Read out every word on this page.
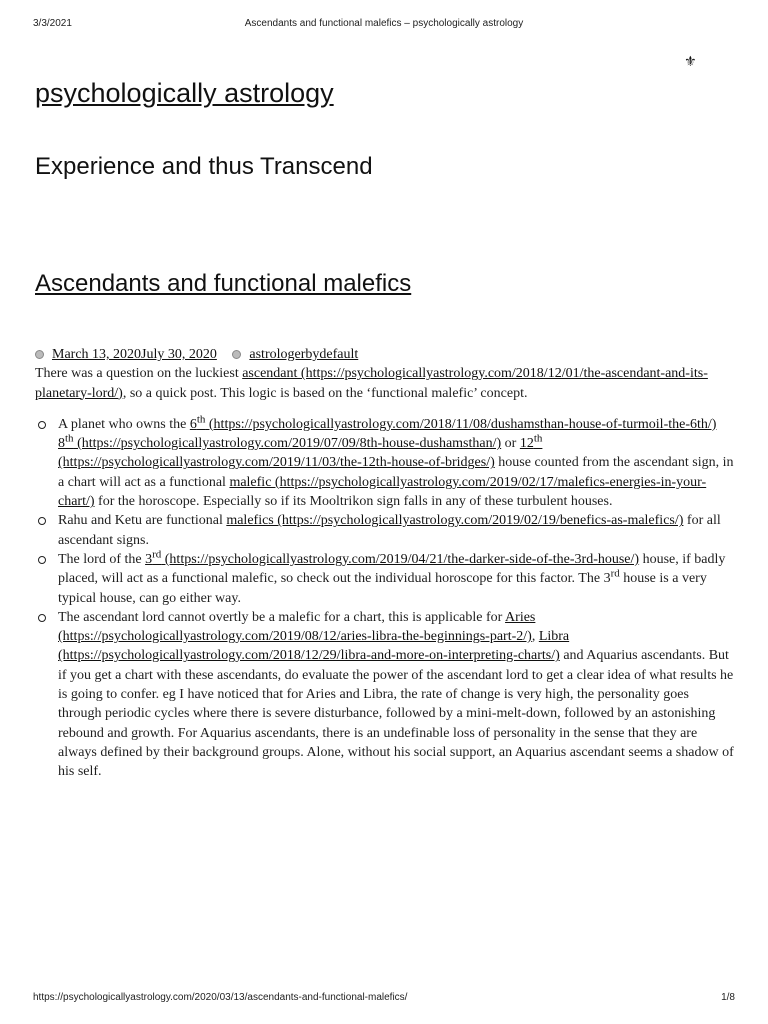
3/3/2021	Ascendants and functional malefics – psychologically astrology
⚜
psychologically astrology
Experience and thus Transcend
Ascendants and functional malefics

March 13, 2020July 30, 2020 astrologerbydefault

There was a question on the luckiest ascendant (https://psychologicallyastrology.com/2018/12/01/the-ascendant-and-its-planetary-lord/), so a quick post. This logic is based on the ‘functional malefic’ concept.

A planet who owns the 6th (https://psychologicallyastrology.com/2018/11/08/dushamsthan-house-of-turmoil-the-6th/) 8th (https://psychologicallyastrology.com/2019/07/09/8th-house-dushamsthan/) or 12th (https://psychologicallyastrology.com/2019/11/03/the-12th-house-of-bridges/) house counted from the ascendant sign, in a chart will act as a functional malefic (https://psychologicallyastrology.com/2019/02/17/malefics-energies-in-your-chart/) for the horoscope. Especially so if its Mooltrikon sign falls in any of these turbulent houses.
Rahu and Ketu are functional malefics (https://psychologicallyastrology.com/2019/02/19/benefics-as-malefics/) for all ascendant signs.
The lord of the 3rd (https://psychologicallyastrology.com/2019/04/21/the-darker-side-of-the-3rd-house/) house, if badly placed, will act as a functional malefic, so check out the individual horoscope for this factor. The 3rd house is a very typical house, can go either way.
The ascendant lord cannot overtly be a malefic for a chart, this is applicable for Aries (https://psychologicallyastrology.com/2019/08/12/aries-libra-the-beginnings-part-2/), Libra (https://psychologicallyastrology.com/2018/12/29/libra-and-more-on-interpreting-charts/) and Aquarius ascendants. But if you get a chart with these ascendants, do evaluate the power of the ascendant lord to get a clear idea of what results he is going to confer. eg I have noticed that for Aries and Libra, the rate of change is very high, the personality goes through periodic cycles where there is severe disturbance, followed by a mini-melt-down, followed by an astonishing rebound and growth. For Aquarius ascendants, there is an undefinable loss of personality in the sense that they are always defined by their background groups. Alone, without his social support, an Aquarius ascendant seems a shadow of his self.
https://psychologicallyastrology.com/2020/03/13/ascendants-and-functional-malefics/	1/8
